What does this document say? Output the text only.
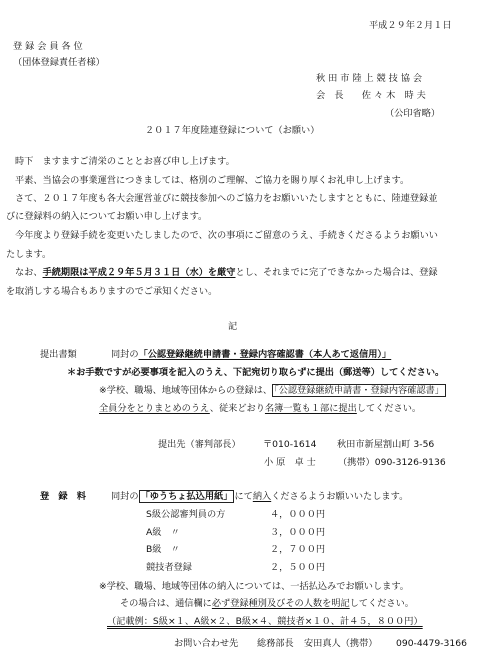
平成２９年２月１日
登 録 会 員 各 位
（団体登録責任者様）
秋 田 市 陸 上 競 技 協 会
会　長　　佐 々 木　時 夫
（公印省略）
２０１７年度陸連登録について（お願い）
時下　ますますご清栄のこととお喜び申し上げます。
平素、当協会の事業運営につきましては、格別のご理解、ご協力を賜り厚くお礼申し上げます。
さて、２０１７年度も各大会運営並びに競技参加へのご協力をお願いいたしますとともに、陸連登録並
びに登録料の納入についてお願い申し上げます。
今年度より登録手続を変更いたしましたので、次の事項にご留意のうえ、手続きくださるようお願いい
たします。
なお、手続期限は平成２９年５月３１日（水）を厳守とし、それまでに完了できなかった場合は、登録
を取消しする場合もありますのでご承知ください。
記
提出書類	同封の「公認登録継続申請書・登録内容確認書（本人あて返信用）」
＊お手数ですが必要事項を記入のうえ、下記宛切り取らずに提出（郵送等）してください。
※学校、職場、地域等団体からの登録は、 「公認登録継続申請書・登録内容確認書」
全員分をとりまとめのうえ、従来どおり名簿一覧も１部に提出してください。
提出先（審判部長） 〒010-1614 秋田市新屋割山町 3-56
小 原　卓 士 （携帯）090-3126-9136
登　録　料	同封の 「ゆうちょ払込用紙」 にて納入くださるようお願いいたします。
S級公認審判員の方	４，０００円
A級　〃	３，０００円
B級　〃	２，７００円
競技者登録	２，５００円
※学校、職場、地域等団体の納入については、一括払込みでお願いします。
その場合は、通信欄に必ず登録種別及びその人数を明記してください。
（記載例：S級×１、A級×２、B級×４、競技者×１０、計４５，８００円）
お問い合わせ先 総務部長 安田真人（携帯） 090-4479-3166
